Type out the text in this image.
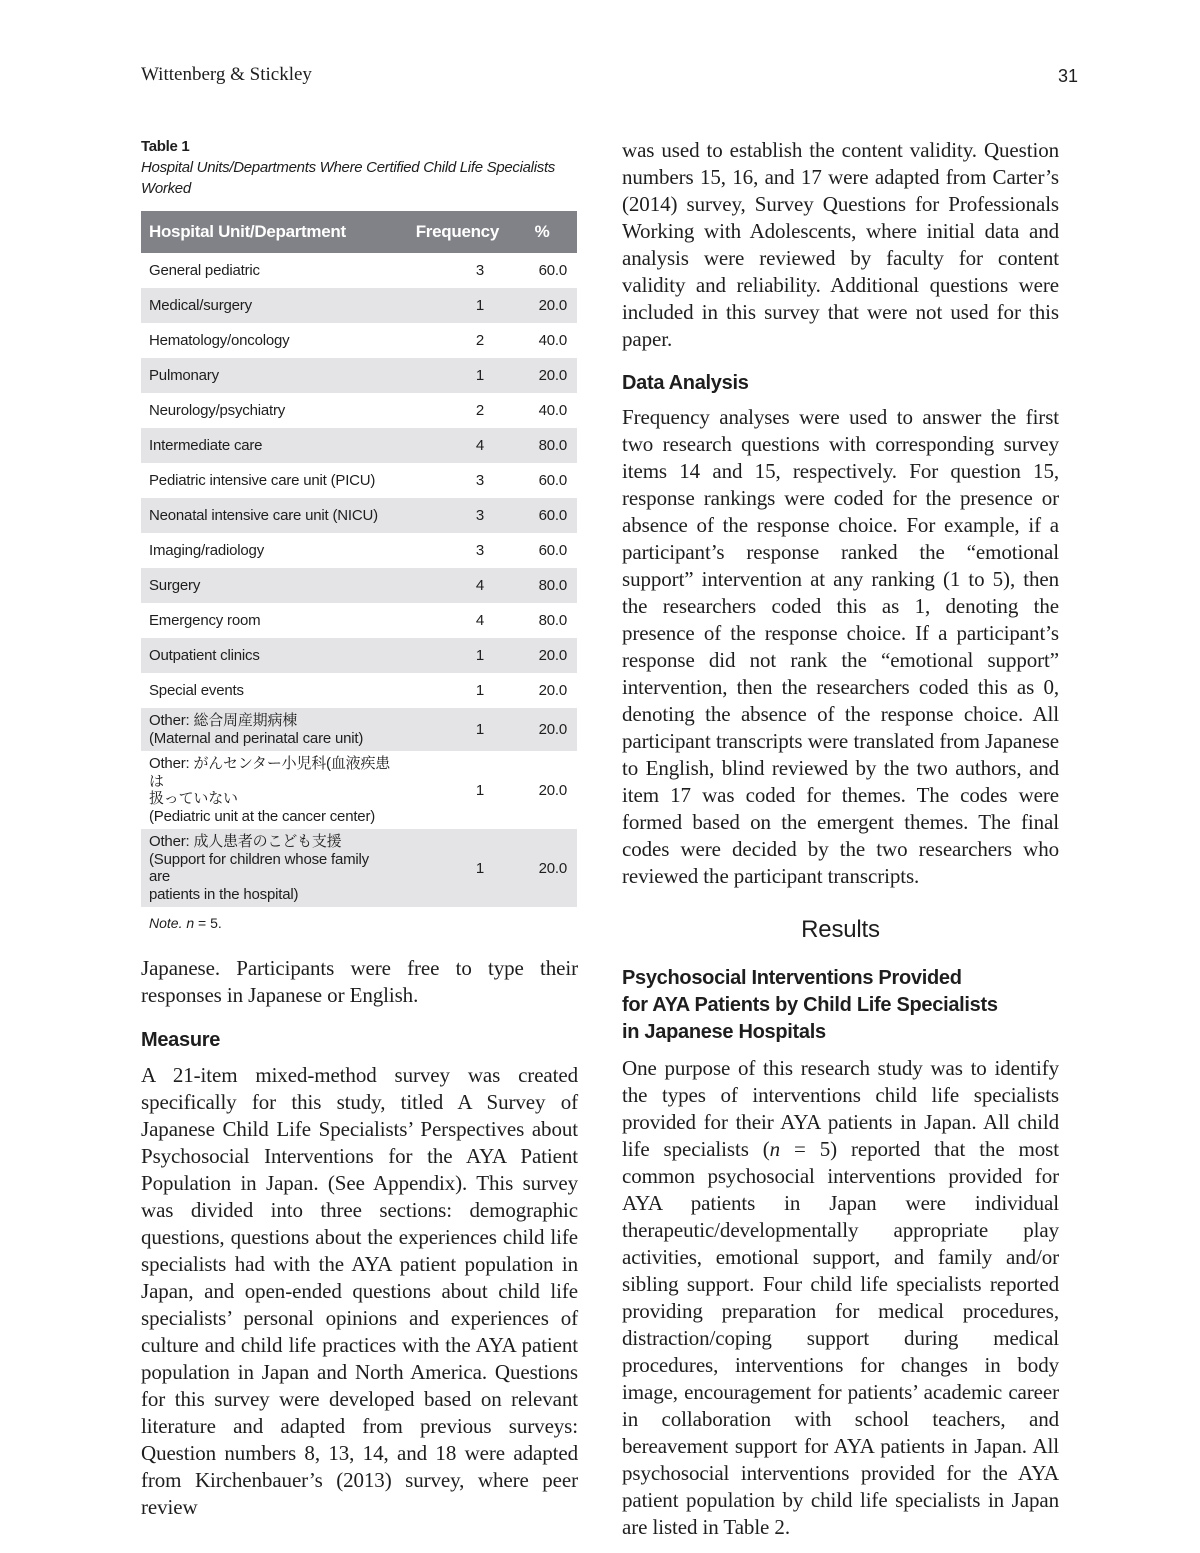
Wittenberg & Stickley	31
Table 1
Hospital Units/Departments Where Certified Child Life Specialists Worked
Hospital Unit/Department	Frequency	%
General pediatric	3	60.0
Medical/surgery	1	20.0
Hematology/oncology	2	40.0
Pulmonary	1	20.0
Neurology/psychiatry	2	40.0
Intermediate care	4	80.0
Pediatric intensive care unit (PICU)	3	60.0
Neonatal intensive care unit (NICU)	3	60.0
Imaging/radiology	3	60.0
Surgery	4	80.0
Emergency room	4	80.0
Outpatient clinics	1	20.0
Special events	1	20.0

Other: 総合周産期病棟
(Maternal and perinatal care unit)	1	20.0

Other: がんセンター小児科(血液疾患は
扱っていない
(Pediatric unit at the cancer center)	1	20.0

Other: 成人患者のこども支援
(Support for children whose family are
patients in the hospital)	1	20.0
Note. n = 5.

Japanese. Participants were free to type their responses in Japanese or English.

Measure

A 21-item mixed-method survey was created specifically for this study, titled A Survey of Japanese Child Life Specialists’ Perspectives about Psychosocial Interventions for the AYA Patient Population in Japan. (See Appendix). This survey was divided into three sections: demographic questions, questions about the experiences child life specialists had with the AYA patient population in Japan, and open-ended questions about child life specialists’ personal opinions and experiences of culture and child life practices with the AYA patient population in Japan and North America. Questions for this survey were developed based on relevant literature and adapted from previous surveys: Question numbers 8, 13, 14, and 18 were adapted from Kirchenbauer’s (2013) survey, where peer review

was used to establish the content validity. Question numbers 15, 16, and 17 were adapted from Carter’s (2014) survey, Survey Questions for Professionals Working with Adolescents, where initial data and analysis were reviewed by faculty for content validity and reliability. Additional questions were included in this survey that were not used for this paper.

Data Analysis

Frequency analyses were used to answer the first two research questions with corresponding survey items 14 and 15, respectively. For question 15, response rankings were coded for the presence or absence of the response choice. For example, if a participant’s response ranked the “emotional support” intervention at any ranking (1 to 5), then the researchers coded this as 1, denoting the presence of the response choice. If a participant’s response did not rank the “emotional support” intervention, then the researchers coded this as 0, denoting the absence of the response choice. All participant transcripts were translated from Japanese to English, blind reviewed by the two authors, and item 17 was coded for themes. The codes were formed based on the emergent themes. The final codes were decided by the two researchers who reviewed the participant transcripts.

Results
Psychosocial Interventions Provided
for AYA Patients by Child Life Specialists
in Japanese Hospitals

One purpose of this research study was to identify the types of interventions child life specialists provided for their AYA patients in Japan. All child life specialists (n = 5) reported that the most common psychosocial interventions provided for AYA patients in Japan were individual therapeutic/developmentally appropriate play activities, emotional support, and family and/or sibling support. Four child life specialists reported providing preparation for medical procedures, distraction/coping support during medical procedures, interventions for changes in body image, encouragement for patients’ academic career in collaboration with school teachers, and bereavement support for AYA patients in Japan. All psychosocial interventions provided for the AYA patient population by child life specialists in Japan are listed in Table 2.
